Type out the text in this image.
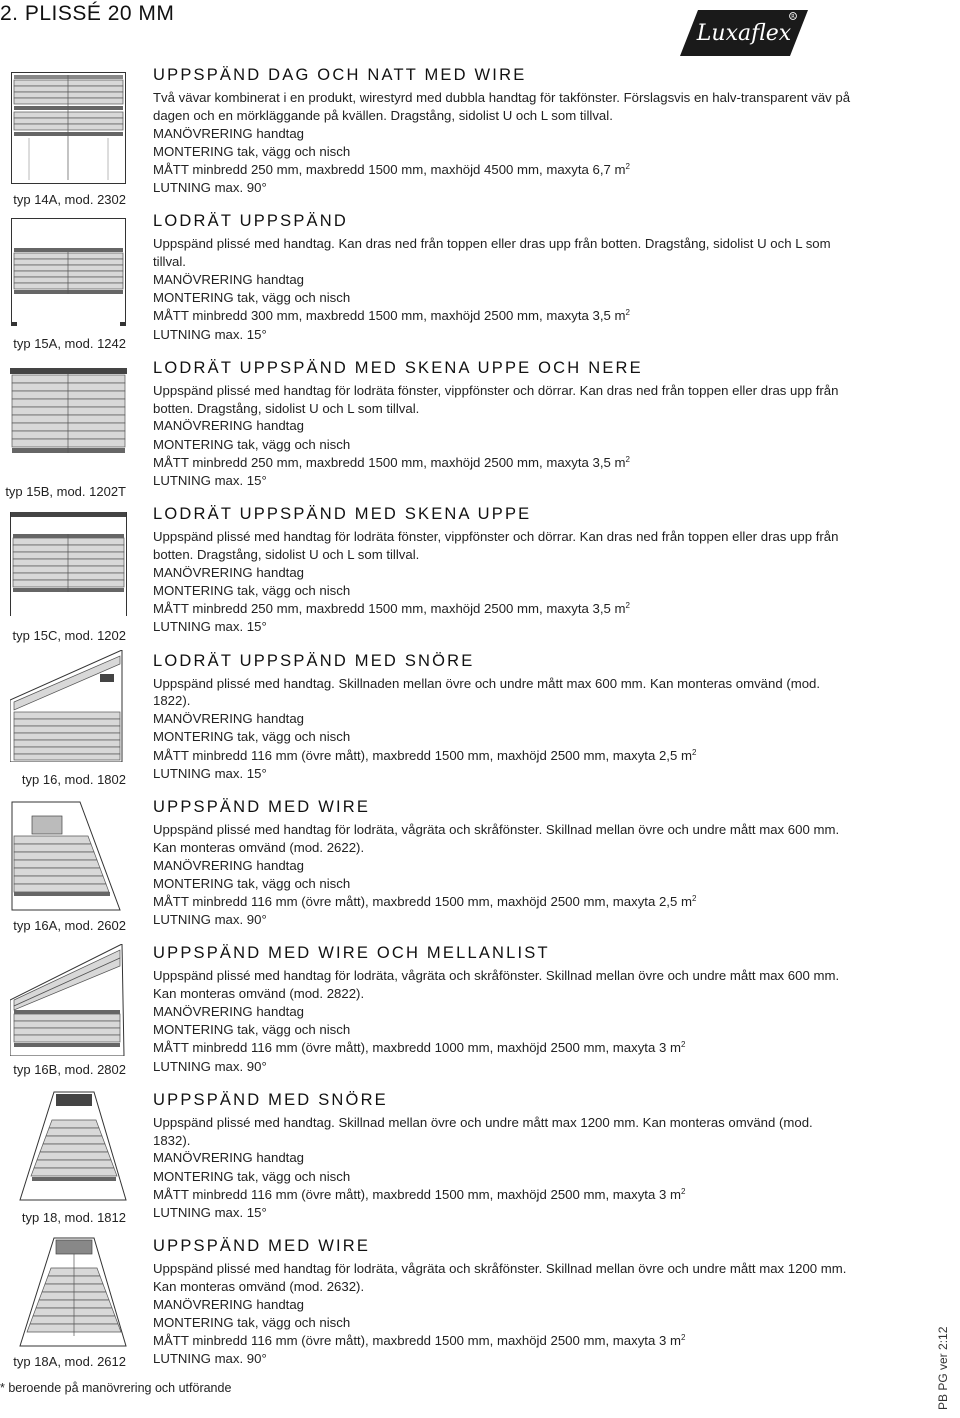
2. PLISSÉ 20 MM
Luxaflex
R
typ 14A, mod. 2302
typ 15A, mod. 1242
typ 15B, mod. 1202T
typ 15C, mod. 1202
typ 16, mod. 1802
typ 16A, mod. 2602
typ 16B, mod. 2802
typ 18, mod. 1812
typ 18A, mod. 2612
UPPSPÄND DAG OCH NATT MED WIRE

Två vävar kombinerat i en produkt, wirestyrd med dubbla handtag för takfönster. Förslagsvis en halv-transparent väv på dagen och en mörkläggande på kvällen. Dragstång, sidolist U och L som tillval.

MANÖVRERING handtag
MONTERING tak, vägg och nisch
MÅTT minbredd 250 mm, maxbredd 1500 mm, maxhöjd 4500 mm, maxyta 6,7 $m^2$
LUTNING max. 90°
LODRÄT UPPSPÄND

Uppspänd plissé med handtag. Kan dras ned från toppen eller dras upp från botten. Dragstång, sidolist U och L som tillval.

MANÖVRERING handtag
MONTERING tak, vägg och nisch
MÅTT minbredd 300 mm, maxbredd 1500 mm, maxhöjd 2500 mm, maxyta 3,5 $m^2$
LUTNING max. 15°
LODRÄT UPPSPÄND MED SKENA UPPE OCH NERE

Uppspänd plissé med handtag för lodräta fönster, vippfönster och dörrar. Kan dras ned från toppen eller dras upp från botten. Dragstång, sidolist U och L som tillval.

MANÖVRERING handtag
MONTERING tak, vägg och nisch
MÅTT minbredd 250 mm, maxbredd 1500 mm, maxhöjd 2500 mm, maxyta 3,5 $m^2$
LUTNING max. 15°
LODRÄT UPPSPÄND MED SKENA UPPE

Uppspänd plissé med handtag för lodräta fönster, vippfönster och dörrar. Kan dras ned från toppen eller dras upp från botten. Dragstång, sidolist U och L som tillval.

MANÖVRERING handtag
MONTERING tak, vägg och nisch
MÅTT minbredd 250 mm, maxbredd 1500 mm, maxhöjd 2500 mm, maxyta 3,5 $m^2$
LUTNING max. 15°
LODRÄT UPPSPÄND MED SNÖRE

Uppspänd plissé med handtag. Skillnaden mellan övre och undre mått max 600 mm. Kan monteras omvänd (mod. 1822).

MANÖVRERING handtag
MONTERING tak, vägg och nisch
MÅTT minbredd 116 mm (övre mått), maxbredd 1500 mm, maxhöjd 2500 mm, maxyta 2,5 $m^2$
LUTNING max. 15°
UPPSPÄND MED WIRE

Uppspänd plissé med handtag för lodräta, vågräta och skråfönster. Skillnad mellan övre och undre mått max 600 mm. Kan monteras omvänd (mod. 2622).

MANÖVRERING handtag
MONTERING tak, vägg och nisch
MÅTT minbredd 116 mm (övre mått), maxbredd 1500 mm, maxhöjd 2500 mm, maxyta 2,5 $m^2$
LUTNING max. 90°
UPPSPÄND MED WIRE OCH MELLANLIST

Uppspänd plissé med handtag för lodräta, vågräta och skråfönster. Skillnad mellan övre och undre mått max 600 mm. Kan monteras omvänd (mod. 2822).

MANÖVRERING handtag
MONTERING tak, vägg och nisch
MÅTT minbredd 116 mm (övre mått), maxbredd 1000 mm, maxhöjd 2500 mm, maxyta 3 $m^2$
LUTNING max. 90°
UPPSPÄND MED SNÖRE

Uppspänd plissé med handtag. Skillnad mellan övre och undre mått max 1200 mm. Kan monteras omvänd (mod. 1832).

MANÖVRERING handtag
MONTERING tak, vägg och nisch
MÅTT minbredd 116 mm (övre mått), maxbredd 1500 mm, maxhöjd 2500 mm, maxyta 3 $m^2$
LUTNING max. 15°
UPPSPÄND MED WIRE

Uppspänd plissé med handtag för lodräta, vågräta och skråfönster. Skillnad mellan övre och undre mått max 1200 mm. Kan monteras omvänd (mod. 2632).

MANÖVRERING handtag
MONTERING tak, vägg och nisch
MÅTT minbredd 116 mm (övre mått), maxbredd 1500 mm, maxhöjd 2500 mm, maxyta 3 $m^2$
LUTNING max. 90°
* beroende på manövrering och utförande	PB PG ver 2:12
